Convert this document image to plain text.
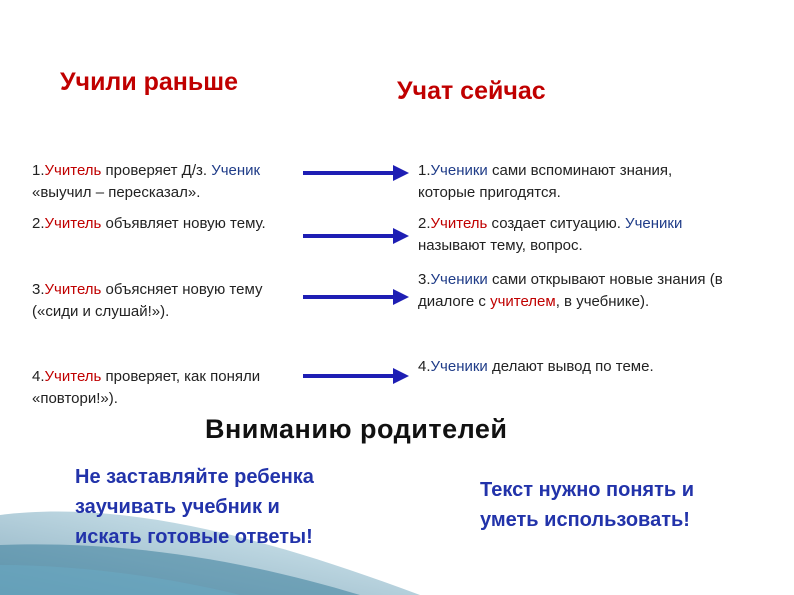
Учили раньше	Учат сейчас
1.Учитель проверяет Д/з. Ученик
«выучил – пересказал».
2.Учитель объявляет новую тему.
3.Учитель объясняет новую тему
(«сиди и слушай!»).
4.Учитель проверяет, как поняли
«повтори!»).
1.Ученики сами вспоминают знания,
которые пригодятся.
2.Учитель создает ситуацию. Ученики
называют тему, вопрос.
3.Ученики сами открывают новые знания (в
диалоге с учителем, в учебнике).
4.Ученики делают вывод по теме.
Вниманию родителей
Не заставляйте ребенка
заучивать учебник и
искать готовые ответы!
Текст нужно понять и
уметь использовать!
